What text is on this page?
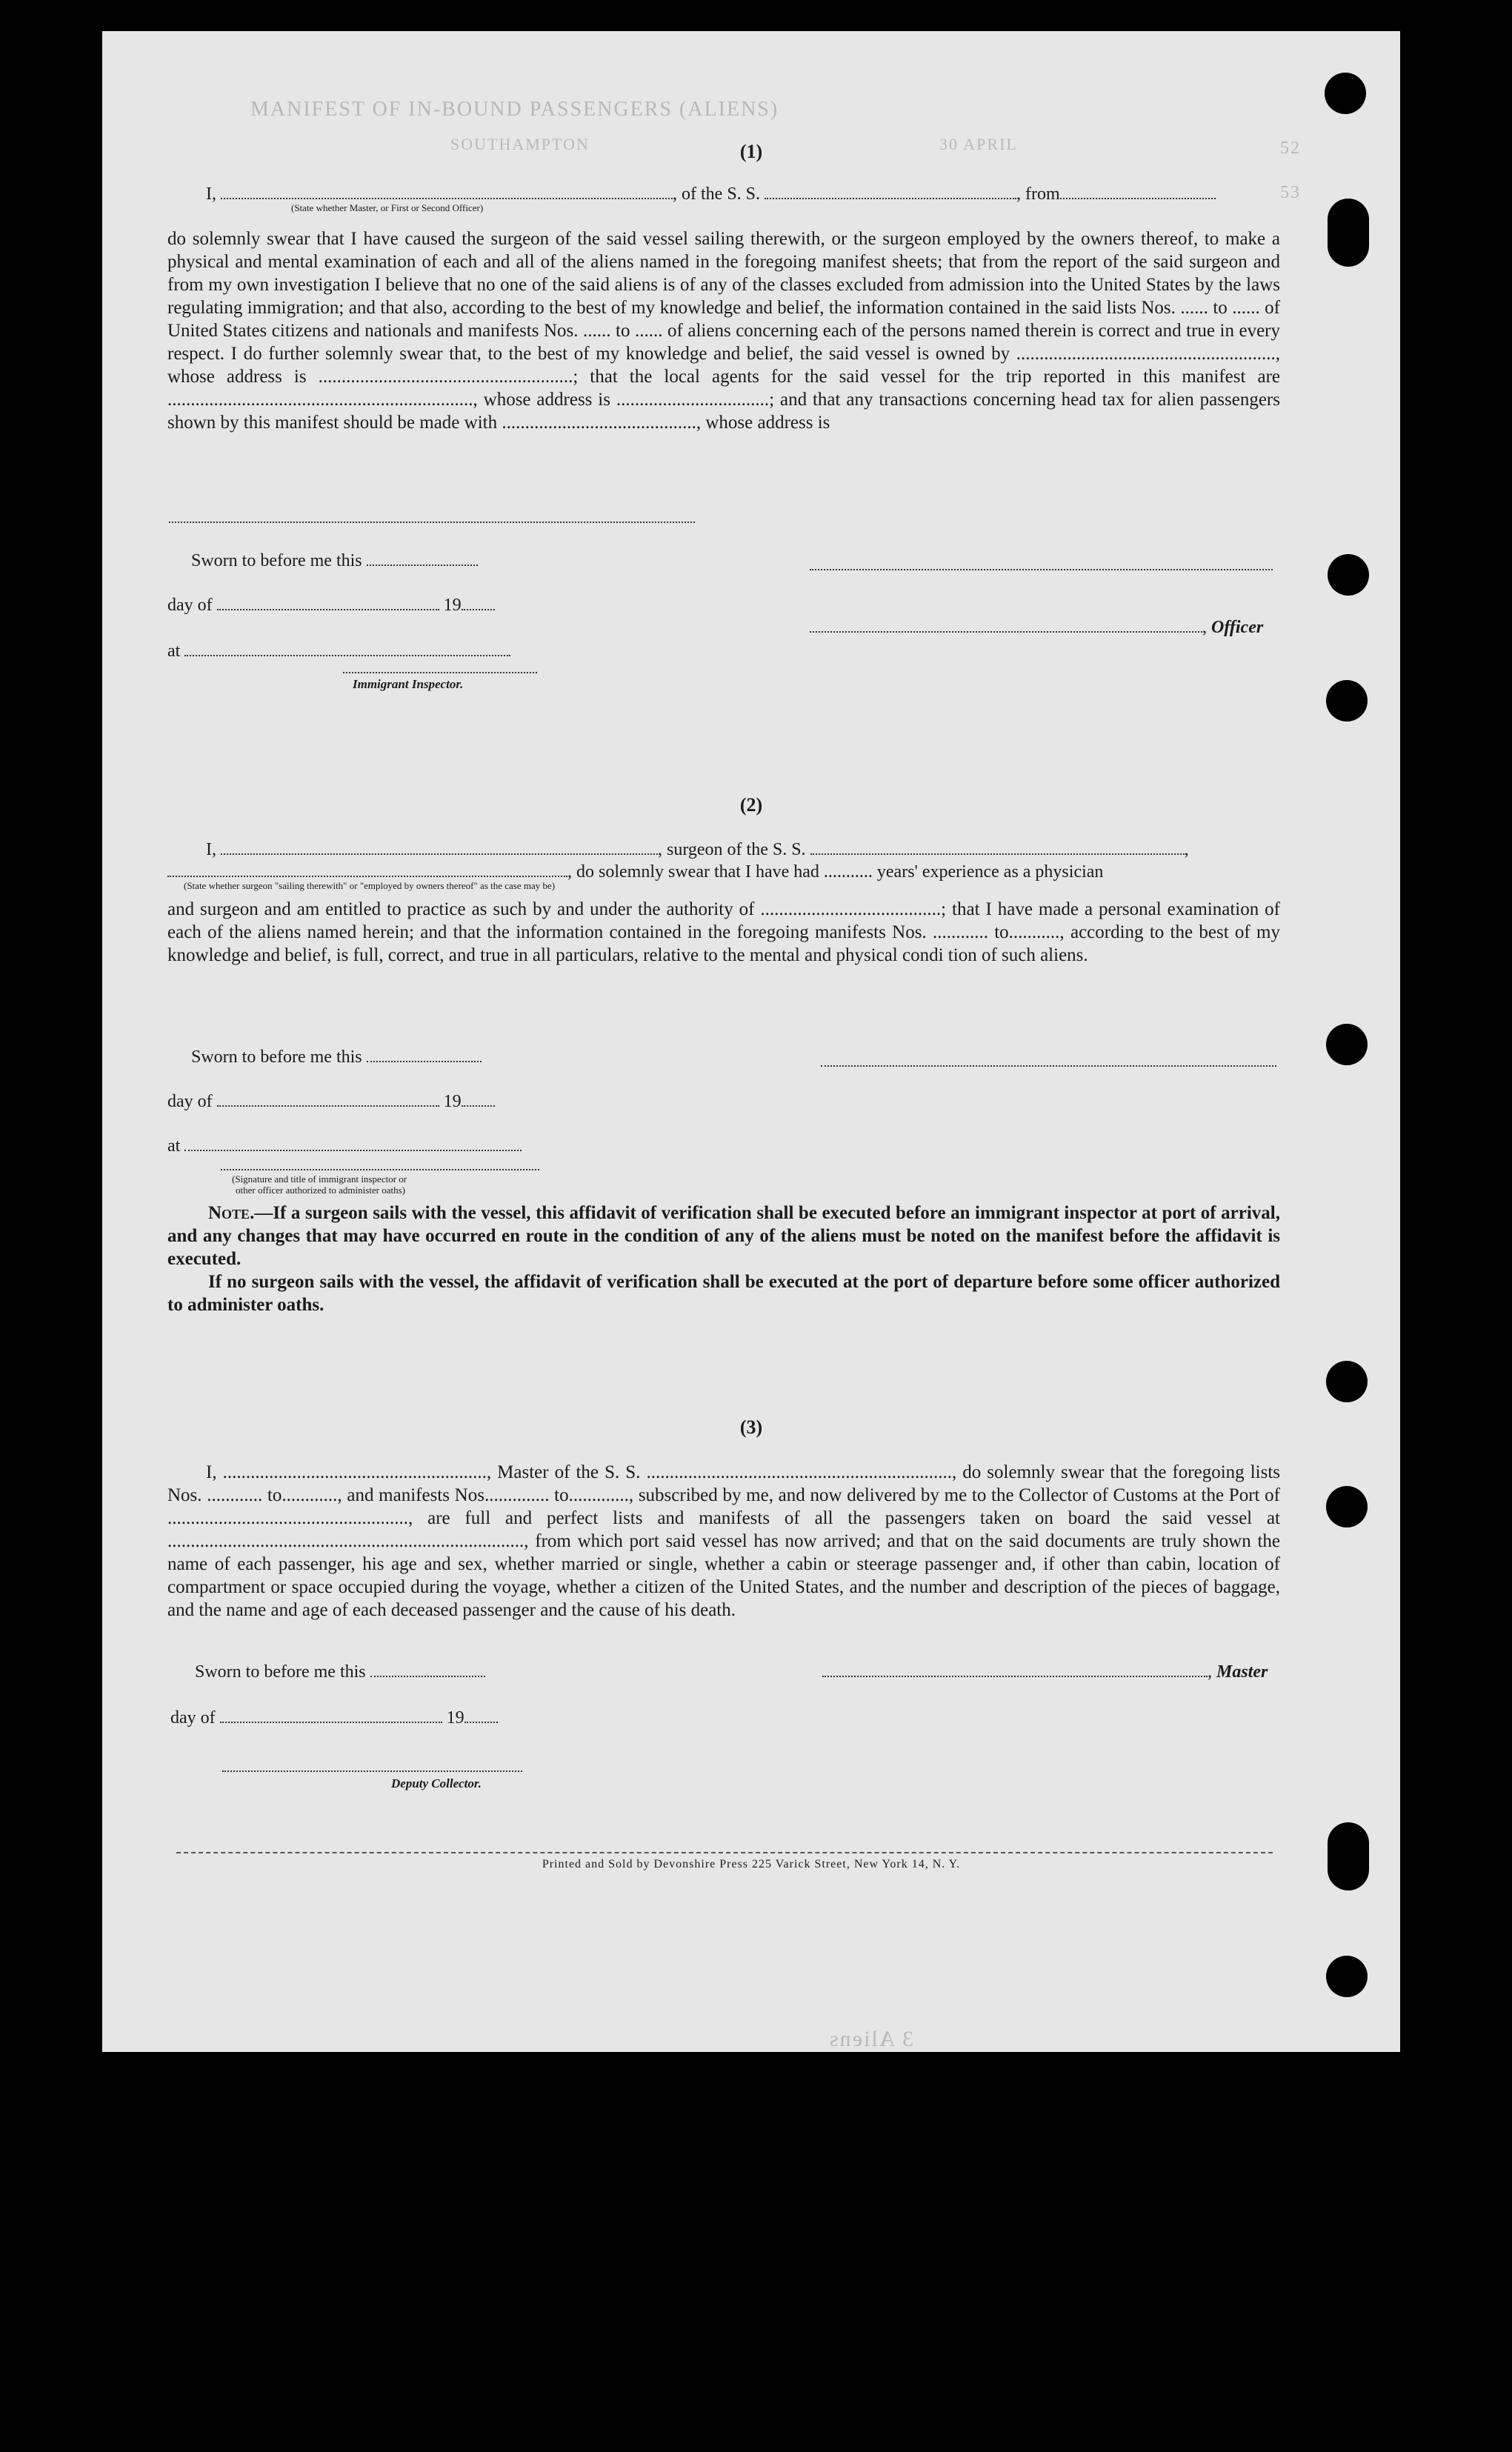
MANIFEST OF IN-BOUND PASSENGERS (ALIENS)
SOUTHAMPTON	30 APRIL	52
53
3 Aliens
(1)
I,	, of the S. S.	, from
(State whether Master, or First or Second Officer)
do solemnly swear that I have caused the surgeon of the said vessel sailing therewith, or the surgeon employed by the owners thereof, to make a physical and mental examination of each and all of the aliens named in the foregoing manifest sheets; that from the report of the said surgeon and from my own investigation I believe that no one of the said aliens is of any of the classes excluded from admission into the United States by the laws regulating immigration; and that also, according to the best of my knowledge and belief, the information contained in the said lists Nos. ...... to ...... of United States citizens and nationals and manifests Nos. ...... to ...... of aliens concerning each of the persons named therein is correct and true in every respect. I do further solemnly swear that, to the best of my knowledge and belief, the said vessel is owned by ........................................................, whose address is .......................................................; that the local agents for the said vessel for the trip reported in this manifest are .................................................................., whose address is .................................; and that any transactions concerning head tax for alien passengers shown by this manifest should be made with .........................................., whose address is
Sworn to before me this
day of	19
, Officer
at
Immigrant Inspector.
(2)
I,	, surgeon of the S. S.	,
, do solemnly swear that I have had ........... years' experience as a physician
(State whether surgeon "sailing therewith" or "employed by owners thereof" as the case may be)
and surgeon and am entitled to practice as such by and under the authority of .......................................; that I have made a personal examination of each of the aliens named herein; and that the information contained in the foregoing manifests Nos. ............ to..........., according to the best of my knowledge and belief, is full, correct, and true in all particulars, relative to the mental and physical condi tion of such aliens.
Sworn to before me this
day of	19
at
(Signature and title of immigrant inspector or
other officer authorized to administer oaths)
Note.—If a surgeon sails with the vessel, this affidavit of verification shall be executed before an immigrant inspector at port of arrival, and any changes that may have occurred en route in the condition of any of the aliens must be noted on the manifest before the affidavit is executed.
If no surgeon sails with the vessel, the affidavit of verification shall be executed at the port of departure before some officer authorized to administer oaths.
(3)
I, ........................................................., Master of the S. S. .................................................................., do solemnly swear that the foregoing lists Nos. ............ to............, and manifests Nos.............. to............., subscribed by me, and now delivered by me to the Collector of Customs at the Port of ...................................................., are full and perfect lists and manifests of all the passengers taken on board the said vessel at ............................................................................., from which port said vessel has now arrived; and that on the said documents are truly shown the name of each passenger, his age and sex, whether married or single, whether a cabin or steerage passenger and, if other than cabin, location of compartment or space occupied during the voyage, whether a citizen of the United States, and the number and description of the pieces of baggage, and the name and age of each deceased passenger and the cause of his death.
Sworn to before me this	, Master
day of	19
Deputy Collector.
Printed and Sold by Devonshire Press 225 Varick Street, New York 14, N. Y.
